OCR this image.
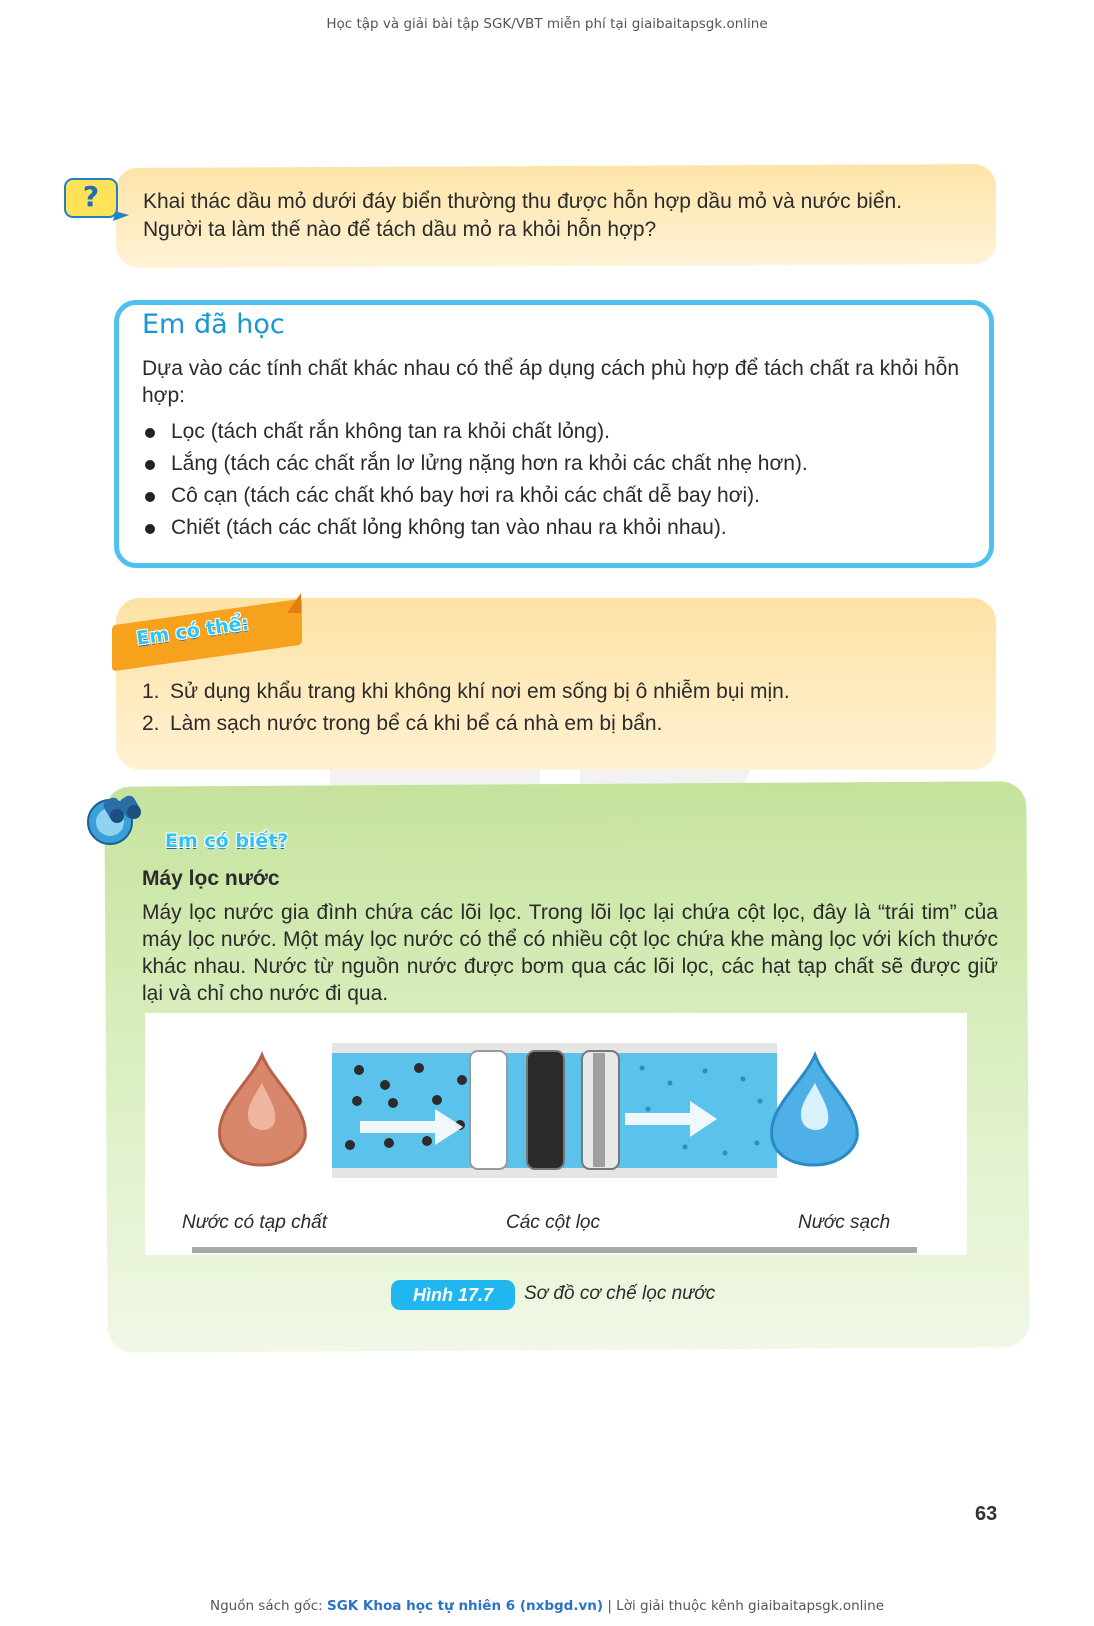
Học tập và giải bài tập SGK/VBT miễn phí tại giaibaitapsgk.online
?	Khai thác dầu mỏ dưới đáy biển thường thu được hỗn hợp dầu mỏ và nước biển.
Người ta làm thế nào để tách dầu mỏ ra khỏi hỗn hợp?
Em đã học
Dựa vào các tính chất khác nhau có thể áp dụng cách phù hợp để tách chất ra khỏi hỗn hợp:
Lọc (tách chất rắn không tan ra khỏi chất lỏng).
Lắng (tách các chất rắn lơ lửng nặng hơn ra khỏi các chất nhẹ hơn).
Cô cạn (tách các chất khó bay hơi ra khỏi các chất dễ bay hơi).
Chiết (tách các chất lỏng không tan vào nhau ra khỏi nhau).
Em có thể:
1. Sử dụng khẩu trang khi không khí nơi em sống bị ô nhiễm bụi mịn.
2. Làm sạch nước trong bể cá khi bể cá nhà em bị bẩn.
Em có biết?
Máy lọc nước
Máy lọc nước gia đình chứa các lõi lọc. Trong lõi lọc lại chứa cột lọc, đây là “trái tim” của máy lọc nước. Một máy lọc nước có thể có nhiều cột lọc chứa khe màng lọc với kích thước khác nhau. Nước từ nguồn nước được bơm qua các lõi lọc, các hạt tạp chất sẽ được giữ lại và chỉ cho nước đi qua.
Nước có tạp chất	Các cột lọc	Nước sạch
Hình 17.7	Sơ đồ cơ chế lọc nước
63
Nguồn sách gốc: SGK Khoa học tự nhiên 6 (nxbgd.vn) | Lời giải thuộc kênh giaibaitapsgk.online
